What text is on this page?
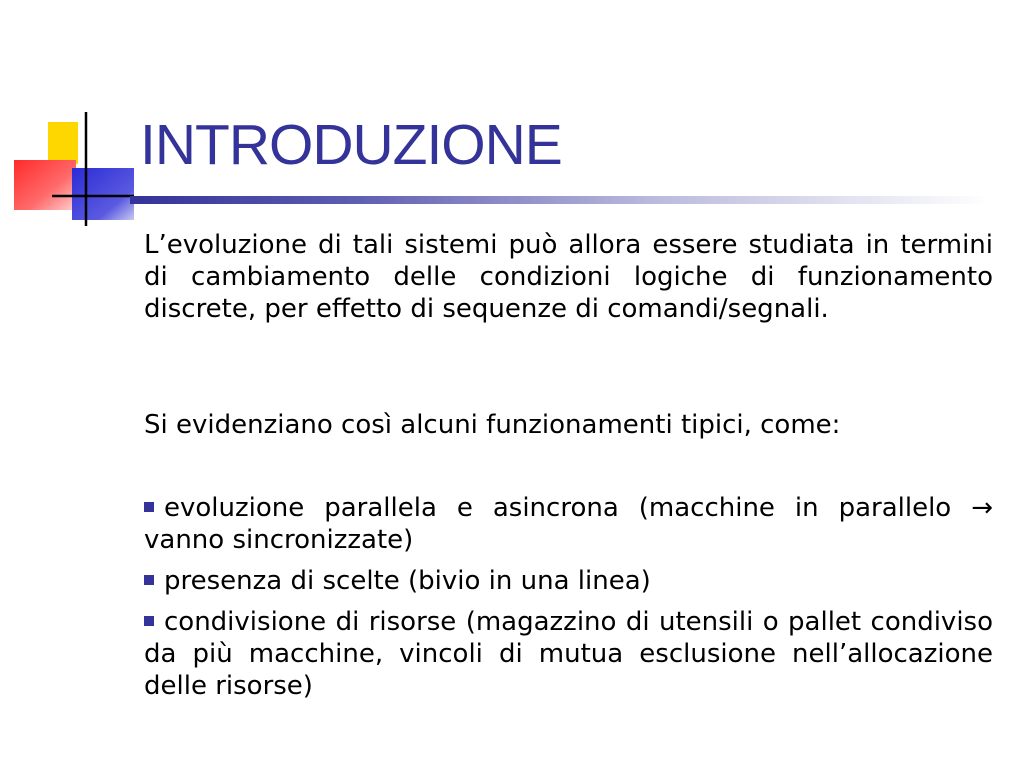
INTRODUZIONE
L’evoluzione di tali sistemi può allora essere studiata in termini di cambiamento delle condizioni logiche di funzionamento discrete, per effetto di sequenze di comandi/segnali.
Si evidenziano così alcuni funzionamenti tipici, come:
evoluzione parallela e asincrona (macchine in parallelo → vanno sincronizzate)
presenza di scelte (bivio in una linea)
condivisione di risorse (magazzino di utensili o pallet condiviso da più macchine, vincoli di mutua esclusione nell’allocazione delle risorse)
